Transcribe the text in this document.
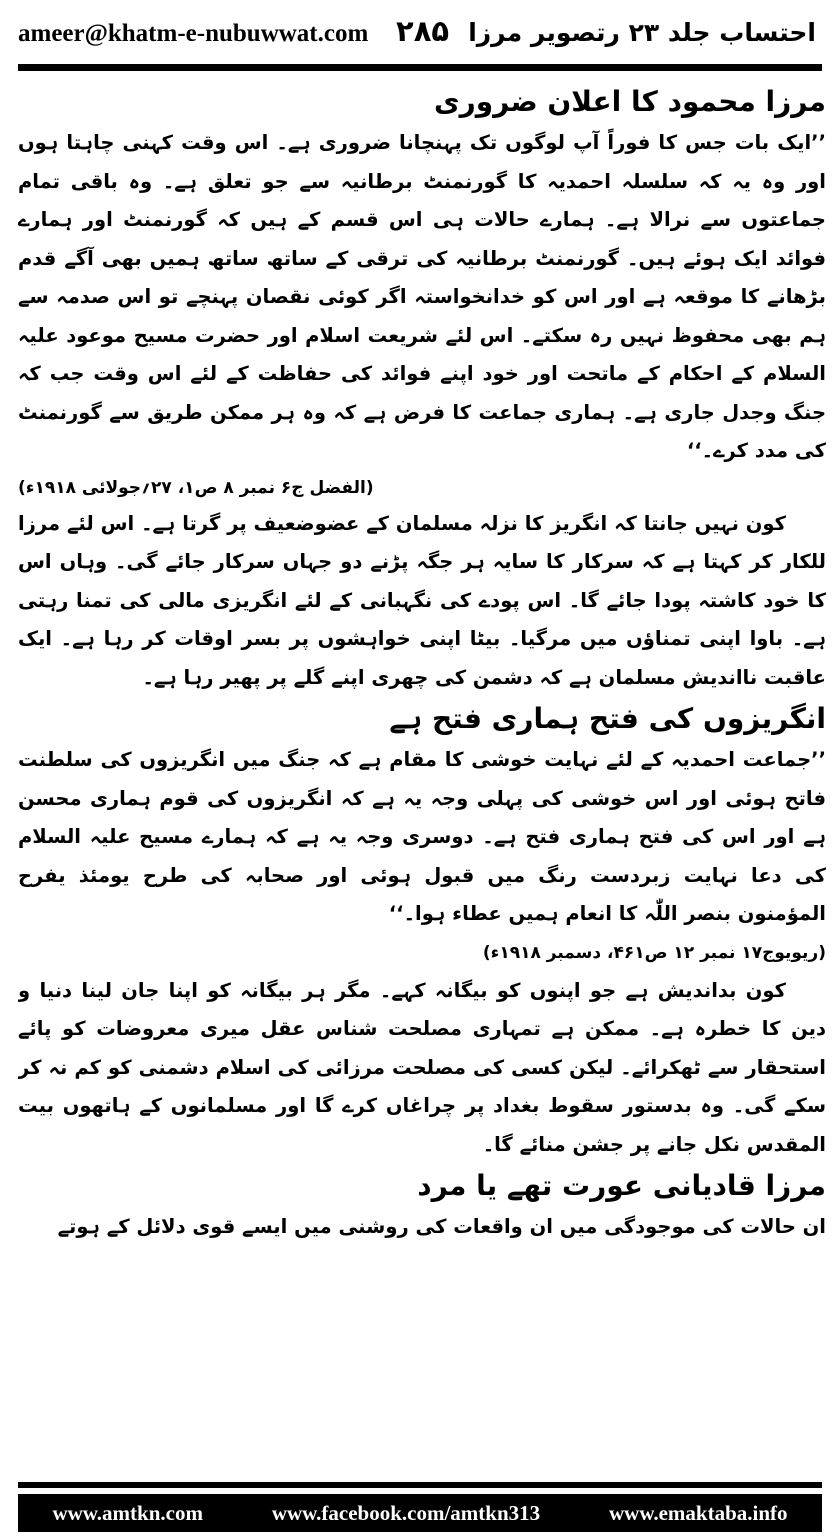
ameer@khatm-e-nubuwwat.com ۲۸۵ احتساب جلد ۲۳ رتصویر مرزا
مرزا محمود کا اعلان ضروری

’’ایک بات جس کا فوراً آپ لوگوں تک پہنچانا ضروری ہے۔ اس وقت کہنی چاہتا ہوں اور وہ یہ کہ سلسلہ احمدیہ کا گورنمنٹ برطانیہ سے جو تعلق ہے۔ وہ باقی تمام جماعتوں سے نرالا ہے۔ ہمارے حالات ہی اس قسم کے ہیں کہ گورنمنٹ اور ہمارے فوائد ایک ہوئے ہیں۔ گورنمنٹ برطانیہ کی ترقی کے ساتھ ساتھ ہمیں بھی آگے قدم بڑھانے کا موقعہ ہے اور اس کو خدانخواستہ اگر کوئی نقصان پہنچے تو اس صدمہ سے ہم بھی محفوظ نہیں رہ سکتے۔ اس لئے شریعت اسلام اور حضرت مسیح موعود علیہ السلام کے احکام کے ماتحت اور خود اپنے فوائد کی حفاظت کے لئے اس وقت جب کہ جنگ وجدل جاری ہے۔ ہماری جماعت کا فرض ہے کہ وہ ہر ممکن طریق سے گورنمنٹ کی مدد کرے۔‘‘

(الفضل ج۶ نمبر ۸ ص۱، ۲۷؍جولائی ۱۹۱۸ء)

کون نہیں جانتا کہ انگریز کا نزلہ مسلمان کے عضوضعیف پر گرتا ہے۔ اس لئے مرزا للکار کر کہتا ہے کہ سرکار کا سایہ ہر جگہ پڑنے دو جہاں سرکار جائے گی۔ وہاں اس کا خود کاشتہ پودا جائے گا۔ اس پودے کی نگہبانی کے لئے انگریزی مالی کی تمنا رہتی ہے۔ باوا اپنی تمناؤں میں مرگیا۔ بیٹا اپنی خواہشوں پر بسر اوقات کر رہا ہے۔ ایک عاقبت نااندیش مسلمان ہے کہ دشمن کی چھری اپنے گلے پر پھیر رہا ہے۔

انگریزوں کی فتح ہماری فتح ہے

’’جماعت احمدیہ کے لئے نہایت خوشی کا مقام ہے کہ جنگ میں انگریزوں کی سلطنت فاتح ہوئی اور اس خوشی کی پہلی وجہ یہ ہے کہ انگریزوں کی قوم ہماری محسن ہے اور اس کی فتح ہماری فتح ہے۔ دوسری وجہ یہ ہے کہ ہمارے مسیح علیہ السلام کی دعا نہایت زبردست رنگ میں قبول ہوئی اور صحابہ کی طرح یومئذ یفرح المؤمنون بنصر اللّٰہ کا انعام ہمیں عطاء ہوا۔‘‘

(ریویوج۱۷ نمبر ۱۲ ص۴۶۱، دسمبر ۱۹۱۸ء)

کون بداندیش ہے جو اپنوں کو بیگانہ کہے۔ مگر ہر بیگانہ کو اپنا جان لینا دنیا و دین کا خطرہ ہے۔ ممکن ہے تمہاری مصلحت شناس عقل میری معروضات کو پائے استحقار سے ٹھکرائے۔ لیکن کسی کی مصلحت مرزائی کی اسلام دشمنی کو کم نہ کر سکے گی۔ وہ بدستور سقوط بغداد پر چراغاں کرے گا اور مسلمانوں کے ہاتھوں بیت المقدس نکل جانے پر جشن منائے گا۔

مرزا قادیانی عورت تھے یا مرد

ان حالات کی موجودگی میں ان واقعات کی روشنی میں ایسے قوی دلائل کے ہوتے

www.amtkn.com	www.facebook.com/amtkn313	www.emaktaba.info
